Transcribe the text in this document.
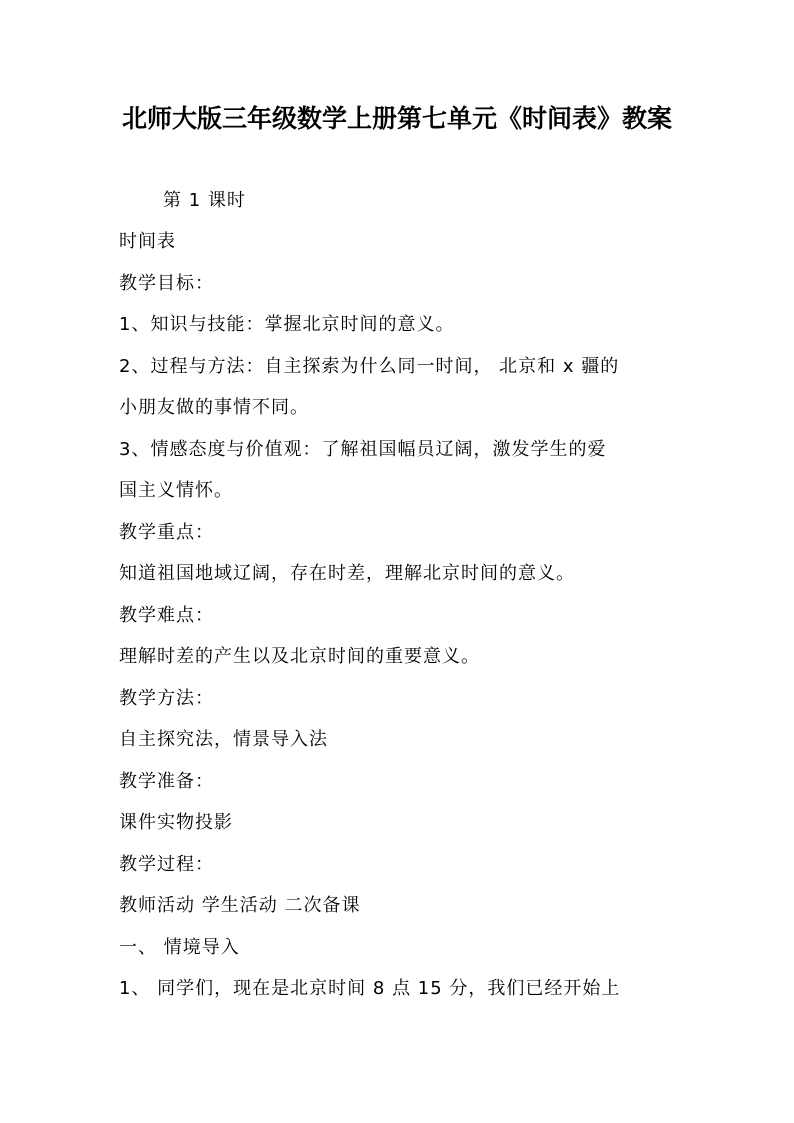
北师大版三年级数学上册第七单元《时间表》教案
第 1 课时
时间表
教学目标：
1、知识与技能：掌握北京时间的意义。
2、过程与方法：自主探索为什么同一时间， 北京和 x 疆的
小朋友做的事情不同。
3、情感态度与价值观：了解祖国幅员辽阔，激发学生的爱
国主义情怀。
教学重点：
知道祖国地域辽阔，存在时差，理解北京时间的意义。
教学难点：
理解时差的产生以及北京时间的重要意义。
教学方法：
自主探究法，情景导入法
教学准备：
课件实物投影
教学过程：
教师活动 学生活动 二次备课
一、 情境导入
1、 同学们，现在是北京时间 8 点 15 分，我们已经开始上
